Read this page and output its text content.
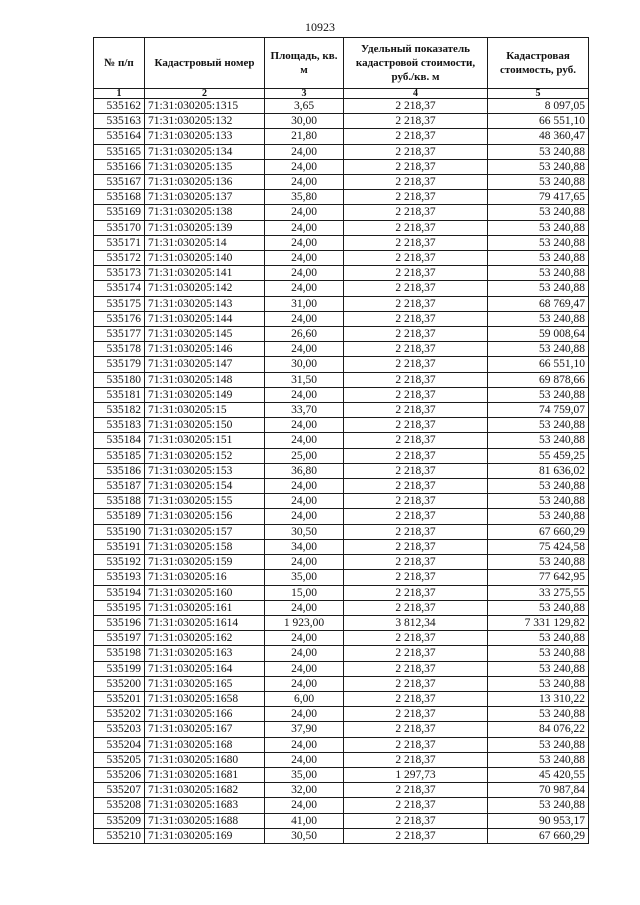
10923
№ п/п	Кадастровый номер	Площадь, кв. м	Удельный показатель кадастровой стоимости, руб./кв. м	Кадастровая стоимость, руб.
1	2	3	4	5
535162	71:31:030205:1315	3,65	2 218,37	8 097,05
535163	71:31:030205:132	30,00	2 218,37	66 551,10
535164	71:31:030205:133	21,80	2 218,37	48 360,47
535165	71:31:030205:134	24,00	2 218,37	53 240,88
535166	71:31:030205:135	24,00	2 218,37	53 240,88
535167	71:31:030205:136	24,00	2 218,37	53 240,88
535168	71:31:030205:137	35,80	2 218,37	79 417,65
535169	71:31:030205:138	24,00	2 218,37	53 240,88
535170	71:31:030205:139	24,00	2 218,37	53 240,88
535171	71:31:030205:14	24,00	2 218,37	53 240,88
535172	71:31:030205:140	24,00	2 218,37	53 240,88
535173	71:31:030205:141	24,00	2 218,37	53 240,88
535174	71:31:030205:142	24,00	2 218,37	53 240,88
535175	71:31:030205:143	31,00	2 218,37	68 769,47
535176	71:31:030205:144	24,00	2 218,37	53 240,88
535177	71:31:030205:145	26,60	2 218,37	59 008,64
535178	71:31:030205:146	24,00	2 218,37	53 240,88
535179	71:31:030205:147	30,00	2 218,37	66 551,10
535180	71:31:030205:148	31,50	2 218,37	69 878,66
535181	71:31:030205:149	24,00	2 218,37	53 240,88
535182	71:31:030205:15	33,70	2 218,37	74 759,07
535183	71:31:030205:150	24,00	2 218,37	53 240,88
535184	71:31:030205:151	24,00	2 218,37	53 240,88
535185	71:31:030205:152	25,00	2 218,37	55 459,25
535186	71:31:030205:153	36,80	2 218,37	81 636,02
535187	71:31:030205:154	24,00	2 218,37	53 240,88
535188	71:31:030205:155	24,00	2 218,37	53 240,88
535189	71:31:030205:156	24,00	2 218,37	53 240,88
535190	71:31:030205:157	30,50	2 218,37	67 660,29
535191	71:31:030205:158	34,00	2 218,37	75 424,58
535192	71:31:030205:159	24,00	2 218,37	53 240,88
535193	71:31:030205:16	35,00	2 218,37	77 642,95
535194	71:31:030205:160	15,00	2 218,37	33 275,55
535195	71:31:030205:161	24,00	2 218,37	53 240,88
535196	71:31:030205:1614	1 923,00	3 812,34	7 331 129,82
535197	71:31:030205:162	24,00	2 218,37	53 240,88
535198	71:31:030205:163	24,00	2 218,37	53 240,88
535199	71:31:030205:164	24,00	2 218,37	53 240,88
535200	71:31:030205:165	24,00	2 218,37	53 240,88
535201	71:31:030205:1658	6,00	2 218,37	13 310,22
535202	71:31:030205:166	24,00	2 218,37	53 240,88
535203	71:31:030205:167	37,90	2 218,37	84 076,22
535204	71:31:030205:168	24,00	2 218,37	53 240,88
535205	71:31:030205:1680	24,00	2 218,37	53 240,88
535206	71:31:030205:1681	35,00	1 297,73	45 420,55
535207	71:31:030205:1682	32,00	2 218,37	70 987,84
535208	71:31:030205:1683	24,00	2 218,37	53 240,88
535209	71:31:030205:1688	41,00	2 218,37	90 953,17
535210	71:31:030205:169	30,50	2 218,37	67 660,29
